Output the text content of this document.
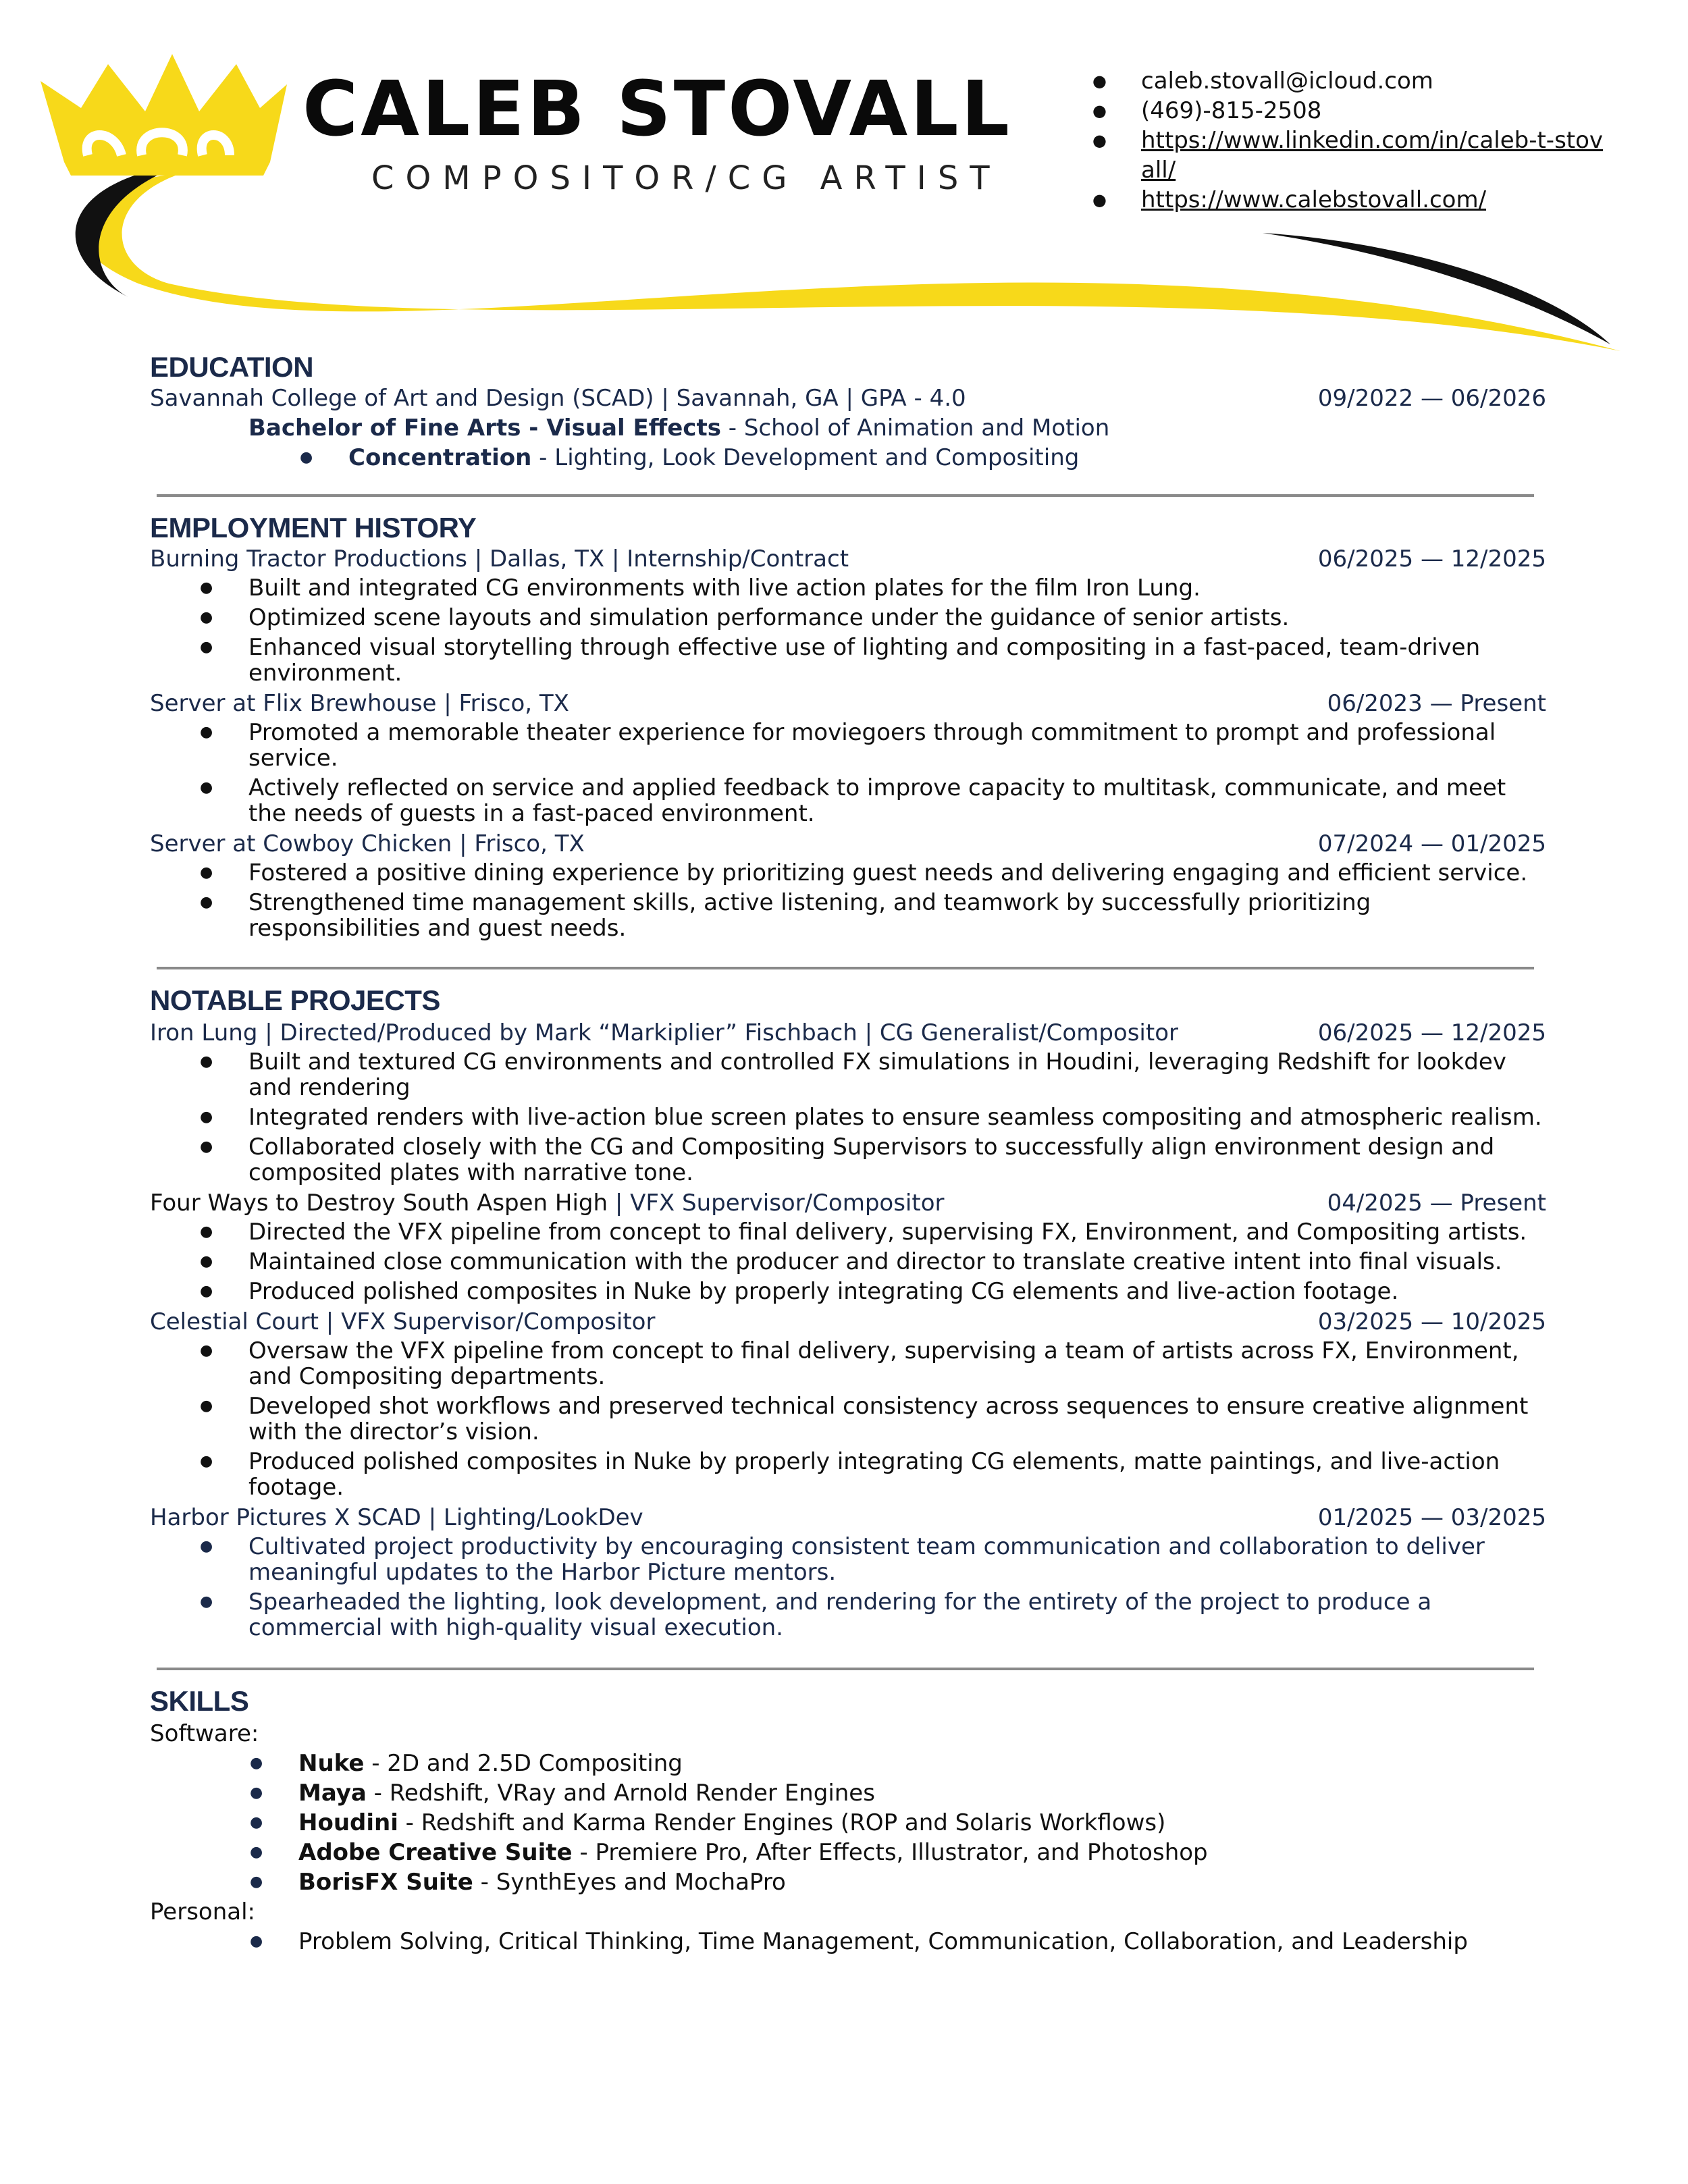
CALEB STOVALL
COMPOSITOR/CG ARTIST
● caleb.stovall@icloud.com
● (469)-815-2508
● https://www.linkedin.com/in/caleb-t-stovall/
● https://www.calebstovall.com/
EDUCATION
Savannah College of Art and Design (SCAD) | Savannah, GA | GPA - 4.0	09/2022 — 06/2026
Bachelor of Fine Arts - Visual Effects - School of Animation and Motion
● Concentration - Lighting, Look Development and Compositing
EMPLOYMENT HISTORY
Burning Tractor Productions | Dallas, TX | Internship/Contract	06/2025 — 12/2025
● Built and integrated CG environments with live action plates for the film Iron Lung.
● Optimized scene layouts and simulation performance under the guidance of senior artists.
● Enhanced visual storytelling through effective use of lighting and compositing in a fast-paced, team-driven environment.
Server at Flix Brewhouse | Frisco, TX	06/2023 — Present
● Promoted a memorable theater experience for moviegoers through commitment to prompt and professional service.
● Actively reflected on service and applied feedback to improve capacity to multitask, communicate, and meet the needs of guests in a fast-paced environment.
Server at Cowboy Chicken | Frisco, TX	07/2024 — 01/2025
● Fostered a positive dining experience by prioritizing guest needs and delivering engaging and efficient service.
● Strengthened time management skills, active listening, and teamwork by successfully prioritizing responsibilities and guest needs.
NOTABLE PROJECTS
Iron Lung | Directed/Produced by Mark “Markiplier” Fischbach | CG Generalist/Compositor	06/2025 — 12/2025
● Built and textured CG environments and controlled FX simulations in Houdini, leveraging Redshift for lookdev and rendering
● Integrated renders with live-action blue screen plates to ensure seamless compositing and atmospheric realism.
● Collaborated closely with the CG and Compositing Supervisors to successfully align environment design and composited plates with narrative tone.
Four Ways to Destroy South Aspen High | VFX Supervisor/Compositor	04/2025 — Present
● Directed the VFX pipeline from concept to final delivery, supervising FX, Environment, and Compositing artists.
● Maintained close communication with the producer and director to translate creative intent into final visuals.
● Produced polished composites in Nuke by properly integrating CG elements and live-action footage.
Celestial Court | VFX Supervisor/Compositor	03/2025 — 10/2025
● Oversaw the VFX pipeline from concept to final delivery, supervising a team of artists across FX, Environment, and Compositing departments.
● Developed shot workflows and preserved technical consistency across sequences to ensure creative alignment with the director’s vision.
● Produced polished composites in Nuke by properly integrating CG elements, matte paintings, and live-action footage.
Harbor Pictures X SCAD | Lighting/LookDev	01/2025 — 03/2025
● Cultivated project productivity by encouraging consistent team communication and collaboration to deliver meaningful updates to the Harbor Picture mentors.
● Spearheaded the lighting, look development, and rendering for the entirety of the project to produce a commercial with high-quality visual execution.
SKILLS
Software:
● Nuke - 2D and 2.5D Compositing
● Maya - Redshift, VRay and Arnold Render Engines
● Houdini - Redshift and Karma Render Engines (ROP and Solaris Workflows)
● Adobe Creative Suite - Premiere Pro, After Effects, Illustrator, and Photoshop
● BorisFX Suite - SynthEyes and MochaPro
Personal:
● Problem Solving, Critical Thinking, Time Management, Communication, Collaboration, and Leadership
